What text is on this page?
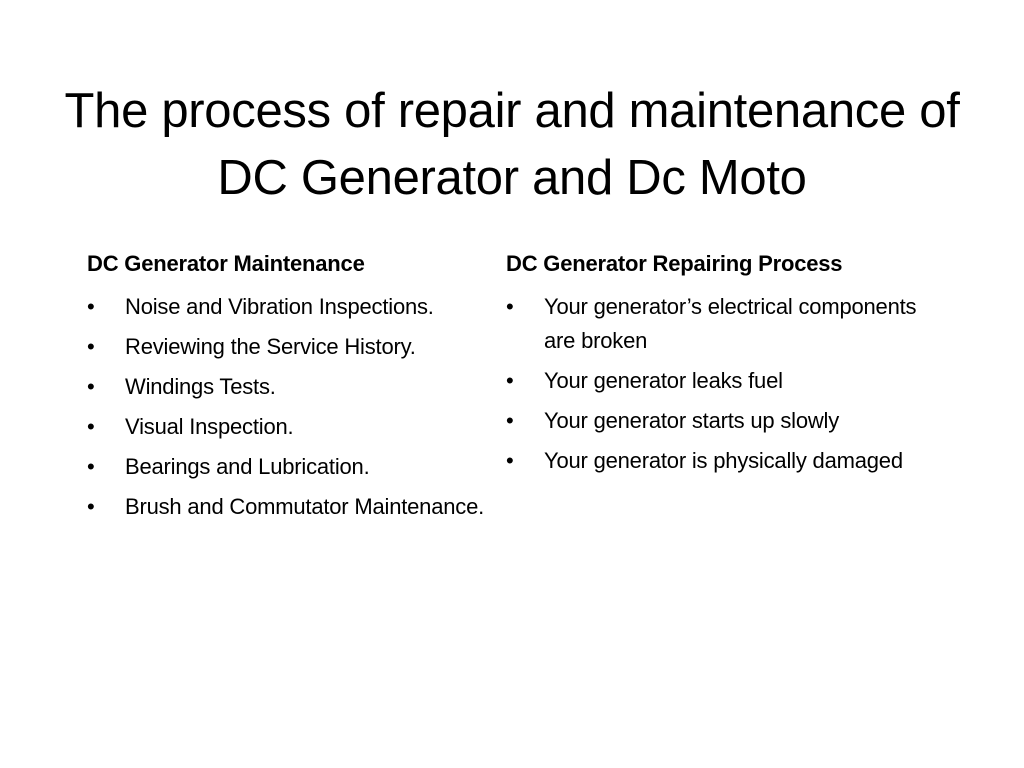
The process of repair and maintenance of DC Generator and Dc Moto
DC Generator Maintenance
•	Noise and Vibration Inspections.
•	Reviewing the Service History.
•	Windings Tests.
•	Visual Inspection.
•	Bearings and Lubrication.
•	Brush and Commutator Maintenance.
DC Generator Repairing Process
•	Your generator’s electrical components are broken
•	Your generator leaks fuel
•	Your generator starts up slowly
•	Your generator is physically damaged
